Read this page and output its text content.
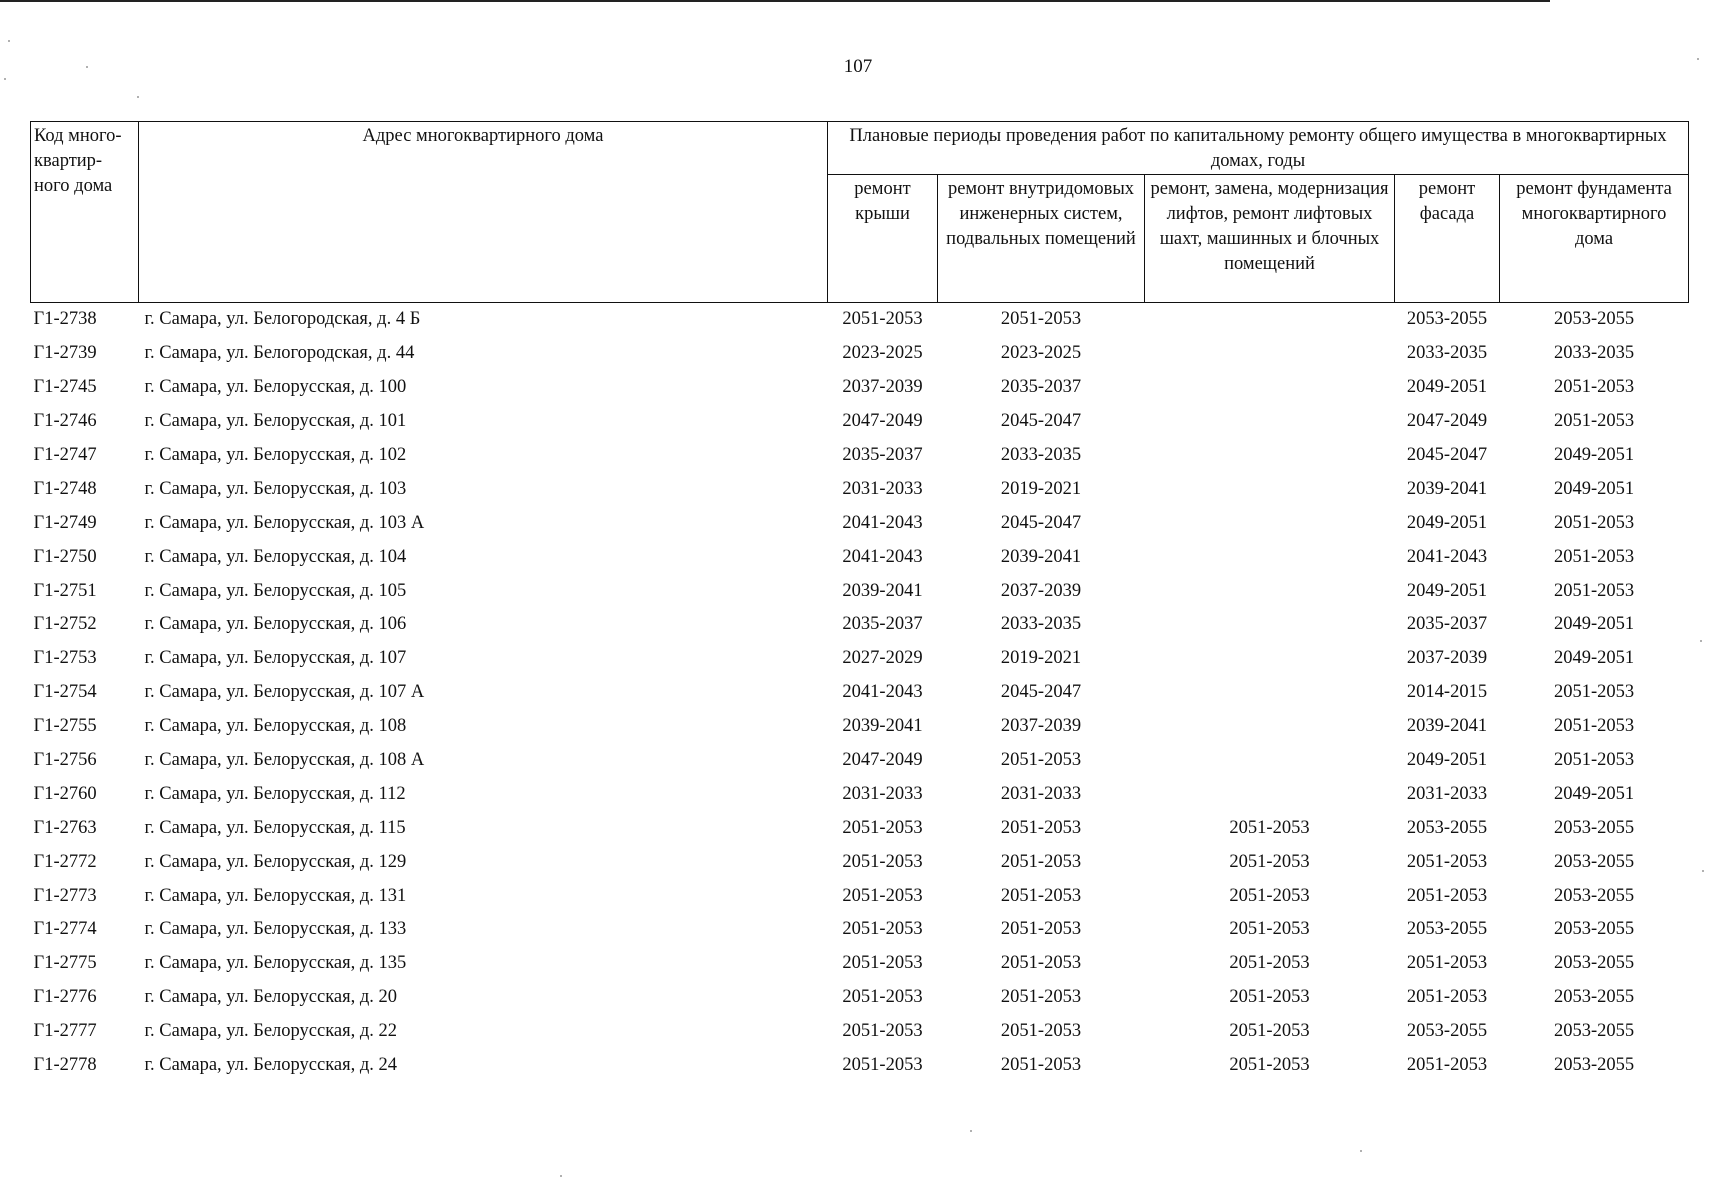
107
Код много-квартир-ного дома	Адрес многоквартирного дома	Плановые периоды проведения работ по капитальному ремонту общего имущества в многоквартирных домах, годы				
		ремонт крыши	ремонт внутридомовых инженерных систем, подвальных помещений	ремонт, замена, модернизация лифтов, ремонт лифтовых шахт, машинных и блочных помещений	ремонт фасада	ремонт фундамента многоквартирного дома
Г1-2738	г. Самара, ул. Белогородская, д. 4 Б	2051-2053	2051-2053		2053-2055	2053-2055
Г1-2739	г. Самара, ул. Белогородская, д. 44	2023-2025	2023-2025		2033-2035	2033-2035
Г1-2745	г. Самара, ул. Белорусская, д. 100	2037-2039	2035-2037		2049-2051	2051-2053
Г1-2746	г. Самара, ул. Белорусская, д. 101	2047-2049	2045-2047		2047-2049	2051-2053
Г1-2747	г. Самара, ул. Белорусская, д. 102	2035-2037	2033-2035		2045-2047	2049-2051
Г1-2748	г. Самара, ул. Белорусская, д. 103	2031-2033	2019-2021		2039-2041	2049-2051
Г1-2749	г. Самара, ул. Белорусская, д. 103 А	2041-2043	2045-2047		2049-2051	2051-2053
Г1-2750	г. Самара, ул. Белорусская, д. 104	2041-2043	2039-2041		2041-2043	2051-2053
Г1-2751	г. Самара, ул. Белорусская, д. 105	2039-2041	2037-2039		2049-2051	2051-2053
Г1-2752	г. Самара, ул. Белорусская, д. 106	2035-2037	2033-2035		2035-2037	2049-2051
Г1-2753	г. Самара, ул. Белорусская, д. 107	2027-2029	2019-2021		2037-2039	2049-2051
Г1-2754	г. Самара, ул. Белорусская, д. 107 А	2041-2043	2045-2047		2014-2015	2051-2053
Г1-2755	г. Самара, ул. Белорусская, д. 108	2039-2041	2037-2039		2039-2041	2051-2053
Г1-2756	г. Самара, ул. Белорусская, д. 108 А	2047-2049	2051-2053		2049-2051	2051-2053
Г1-2760	г. Самара, ул. Белорусская, д. 112	2031-2033	2031-2033		2031-2033	2049-2051
Г1-2763	г. Самара, ул. Белорусская, д. 115	2051-2053	2051-2053	2051-2053	2053-2055	2053-2055
Г1-2772	г. Самара, ул. Белорусская, д. 129	2051-2053	2051-2053	2051-2053	2051-2053	2053-2055
Г1-2773	г. Самара, ул. Белорусская, д. 131	2051-2053	2051-2053	2051-2053	2051-2053	2053-2055
Г1-2774	г. Самара, ул. Белорусская, д. 133	2051-2053	2051-2053	2051-2053	2053-2055	2053-2055
Г1-2775	г. Самара, ул. Белорусская, д. 135	2051-2053	2051-2053	2051-2053	2051-2053	2053-2055
Г1-2776	г. Самара, ул. Белорусская, д. 20	2051-2053	2051-2053	2051-2053	2051-2053	2053-2055
Г1-2777	г. Самара, ул. Белорусская, д. 22	2051-2053	2051-2053	2051-2053	2053-2055	2053-2055
Г1-2778	г. Самара, ул. Белорусская, д. 24	2051-2053	2051-2053	2051-2053	2051-2053	2053-2055
